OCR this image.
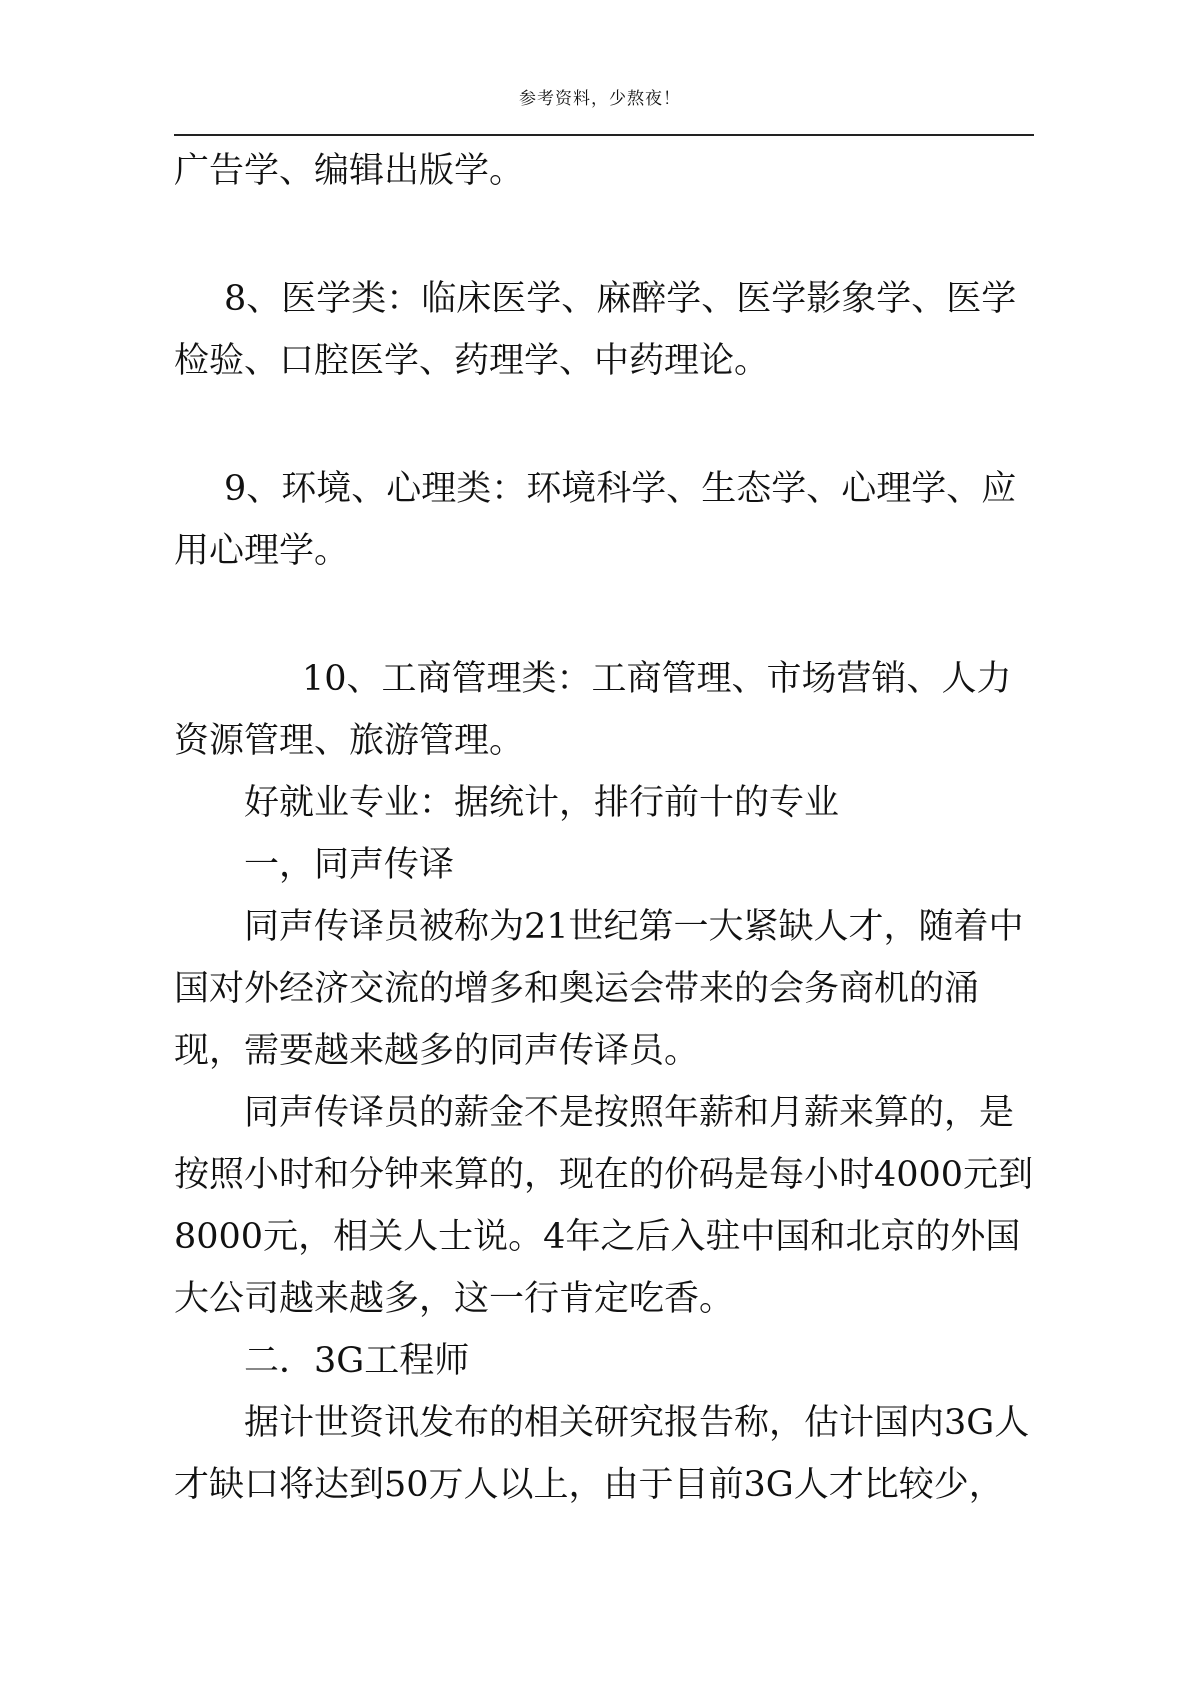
参考资料，少熬夜！

广告学、编辑出版学。

8、医学类：临床医学、麻醉学、医学影象学、医学检验、口腔医学、药理学、中药理论。

9、环境、心理类：环境科学、生态学、心理学、应用心理学。

10、工商管理类：工商管理、市场营销、人力资源管理、旅游管理。

好就业专业：据统计，排行前十的专业

一，同声传译

同声传译员被称为21世纪第一大紧缺人才，随着中国对外经济交流的增多和奥运会带来的会务商机的涌现，需要越来越多的同声传译员。

同声传译员的薪金不是按照年薪和月薪来算的，是按照小时和分钟来算的，现在的价码是每小时4000元到8000元，相关人士说。4年之后入驻中国和北京的外国大公司越来越多，这一行肯定吃香。

二．3G工程师

据计世资讯发布的相关研究报告称，估计国内3G人才缺口将达到50万人以上，由于目前3G人才比较少，
